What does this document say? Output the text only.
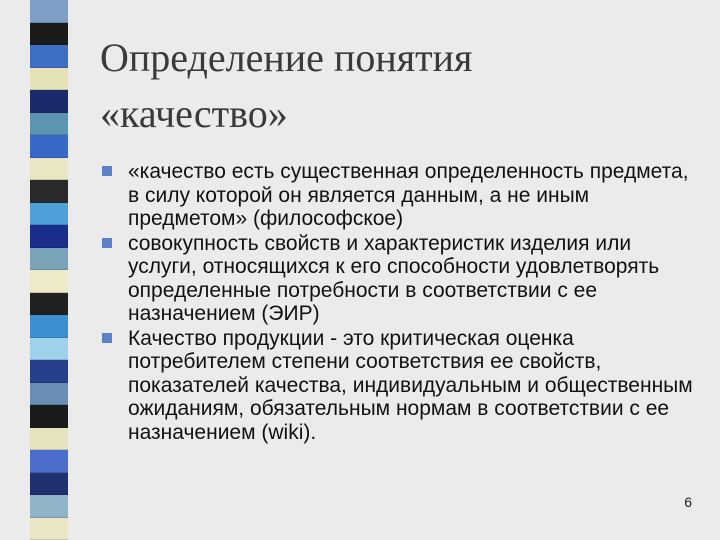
Определение понятия
«качество»
«качество есть существенная определенность предмета, в силу которой он является данным, а не иным предметом» (философское)
совокупность свойств и характеристик изделия или услуги, относящихся к его способности удовлетворять определенные потребности в соответствии с ее назначением (ЭИР)
Качество продукции - это критическая оценка потребителем степени соответствия ее свойств, показателей качества, индивидуальным и общественным ожиданиям, обязательным нормам в соответствии с ее назначением (wiki).
6
